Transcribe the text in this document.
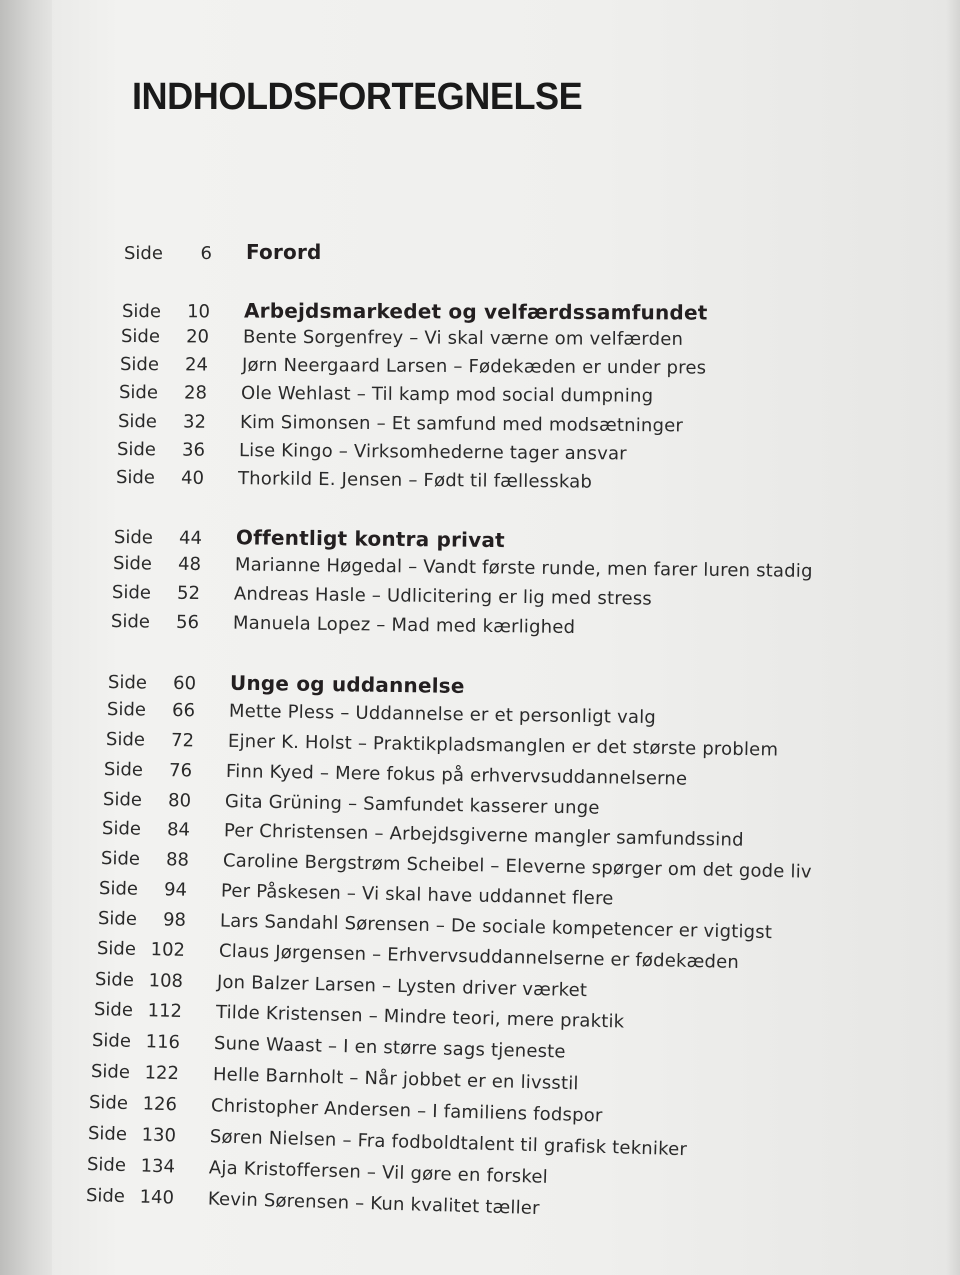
INDHOLDSFORTEGNELSE
Side 6 Forord
Side 10 Arbejdsmarkedet og velfærdssamfundet
Side 20 Bente Sorgenfrey – Vi skal værne om velfærden
Side 24 Jørn Neergaard Larsen – Fødekæden er under pres
Side 28 Ole Wehlast – Til kamp mod social dumpning
Side 32 Kim Simonsen – Et samfund med modsætninger
Side 36 Lise Kingo – Virksomhederne tager ansvar
Side 40 Thorkild E. Jensen – Født til fællesskab
Side 44 Offentligt kontra privat
Side 48 Marianne Høgedal – Vandt første runde, men farer luren stadig
Side 52 Andreas Hasle – Udlicitering er lig med stress
Side 56 Manuela Lopez – Mad med kærlighed
Side 60 Unge og uddannelse
Side 66 Mette Pless – Uddannelse er et personligt valg
Side 72 Ejner K. Holst – Praktikpladsmanglen er det største problem
Side 76 Finn Kyed – Mere fokus på erhvervsuddannelserne
Side 80 Gita Grüning – Samfundet kasserer unge
Side 84 Per Christensen – Arbejdsgiverne mangler samfundssind
Side 88 Caroline Bergstrøm Scheibel – Eleverne spørger om det gode liv
Side 94 Per Påskesen – Vi skal have uddannet flere
Side 98 Lars Sandahl Sørensen – De sociale kompetencer er vigtigst
Side 102 Claus Jørgensen – Erhvervsuddannelserne er fødekæden
Side 108 Jon Balzer Larsen – Lysten driver værket
Side 112 Tilde Kristensen – Mindre teori, mere praktik
Side 116 Sune Waast – I en større sags tjeneste
Side 122 Helle Barnholt – Når jobbet er en livsstil
Side 126 Christopher Andersen – I familiens fodspor
Side 130 Søren Nielsen – Fra fodboldtalent til grafisk tekniker
Side 134 Aja Kristoffersen – Vil gøre en forskel
Side 140 Kevin Sørensen – Kun kvalitet tæller
